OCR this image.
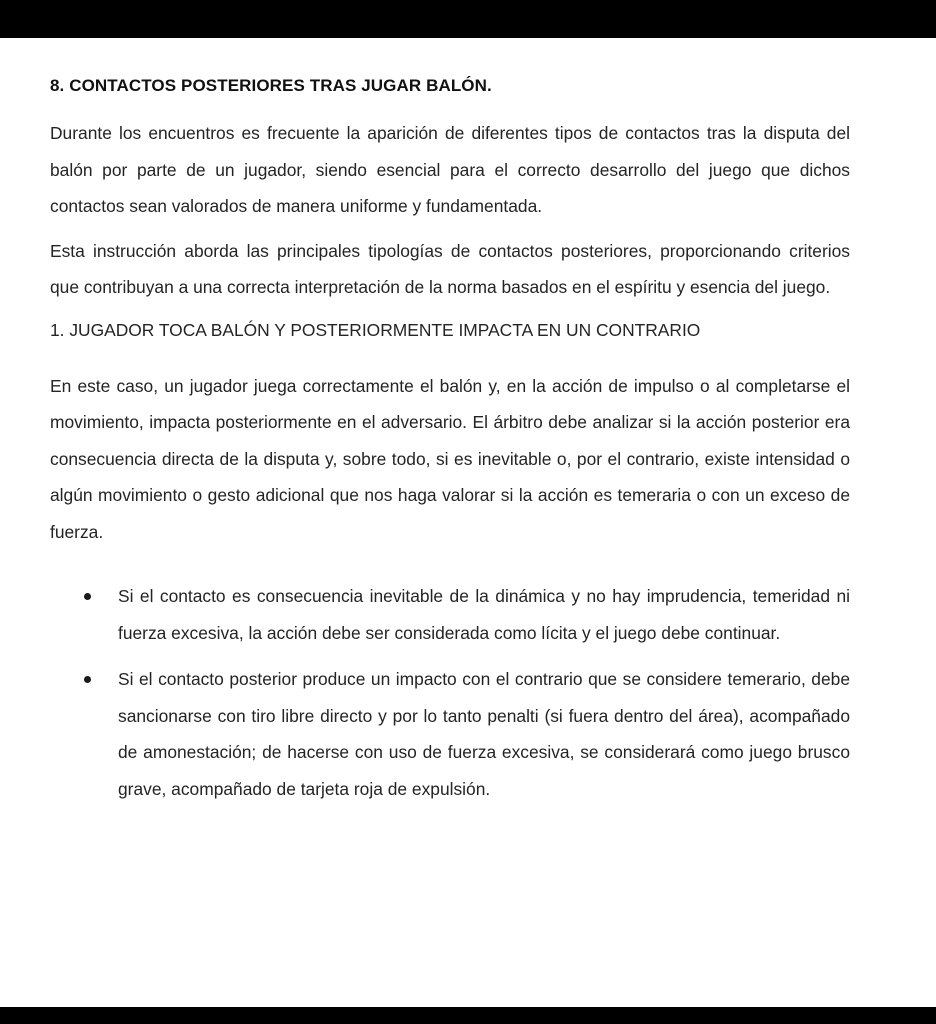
8. CONTACTOS POSTERIORES TRAS JUGAR BALÓN.

Durante los encuentros es frecuente la aparición de diferentes tipos de contactos tras la disputa del balón por parte de un jugador, siendo esencial para el correcto desarrollo del juego que dichos contactos sean valorados de manera uniforme y fundamentada.

Esta instrucción aborda las principales tipologías de contactos posteriores, proporcionando criterios que contribuyan a una correcta interpretación de la norma basados en el espíritu y esencia del juego.

1. JUGADOR TOCA BALÓN Y POSTERIORMENTE IMPACTA EN UN CONTRARIO

En este caso, un jugador juega correctamente el balón y, en la acción de impulso o al completarse el movimiento, impacta posteriormente en el adversario. El árbitro debe analizar si la acción posterior era consecuencia directa de la disputa y, sobre todo, si es inevitable o, por el contrario, existe intensidad o algún movimiento o gesto adicional que nos haga valorar si la acción es temeraria o con un exceso de fuerza.

Si el contacto es consecuencia inevitable de la dinámica y no hay imprudencia, temeridad ni fuerza excesiva, la acción debe ser considerada como lícita y el juego debe continuar.
Si el contacto posterior produce un impacto con el contrario que se considere temerario, debe sancionarse con tiro libre directo y por lo tanto penalti (si fuera dentro del área), acompañado de amonestación; de hacerse con uso de fuerza excesiva, se considerará como juego brusco grave, acompañado de tarjeta roja de expulsión.
